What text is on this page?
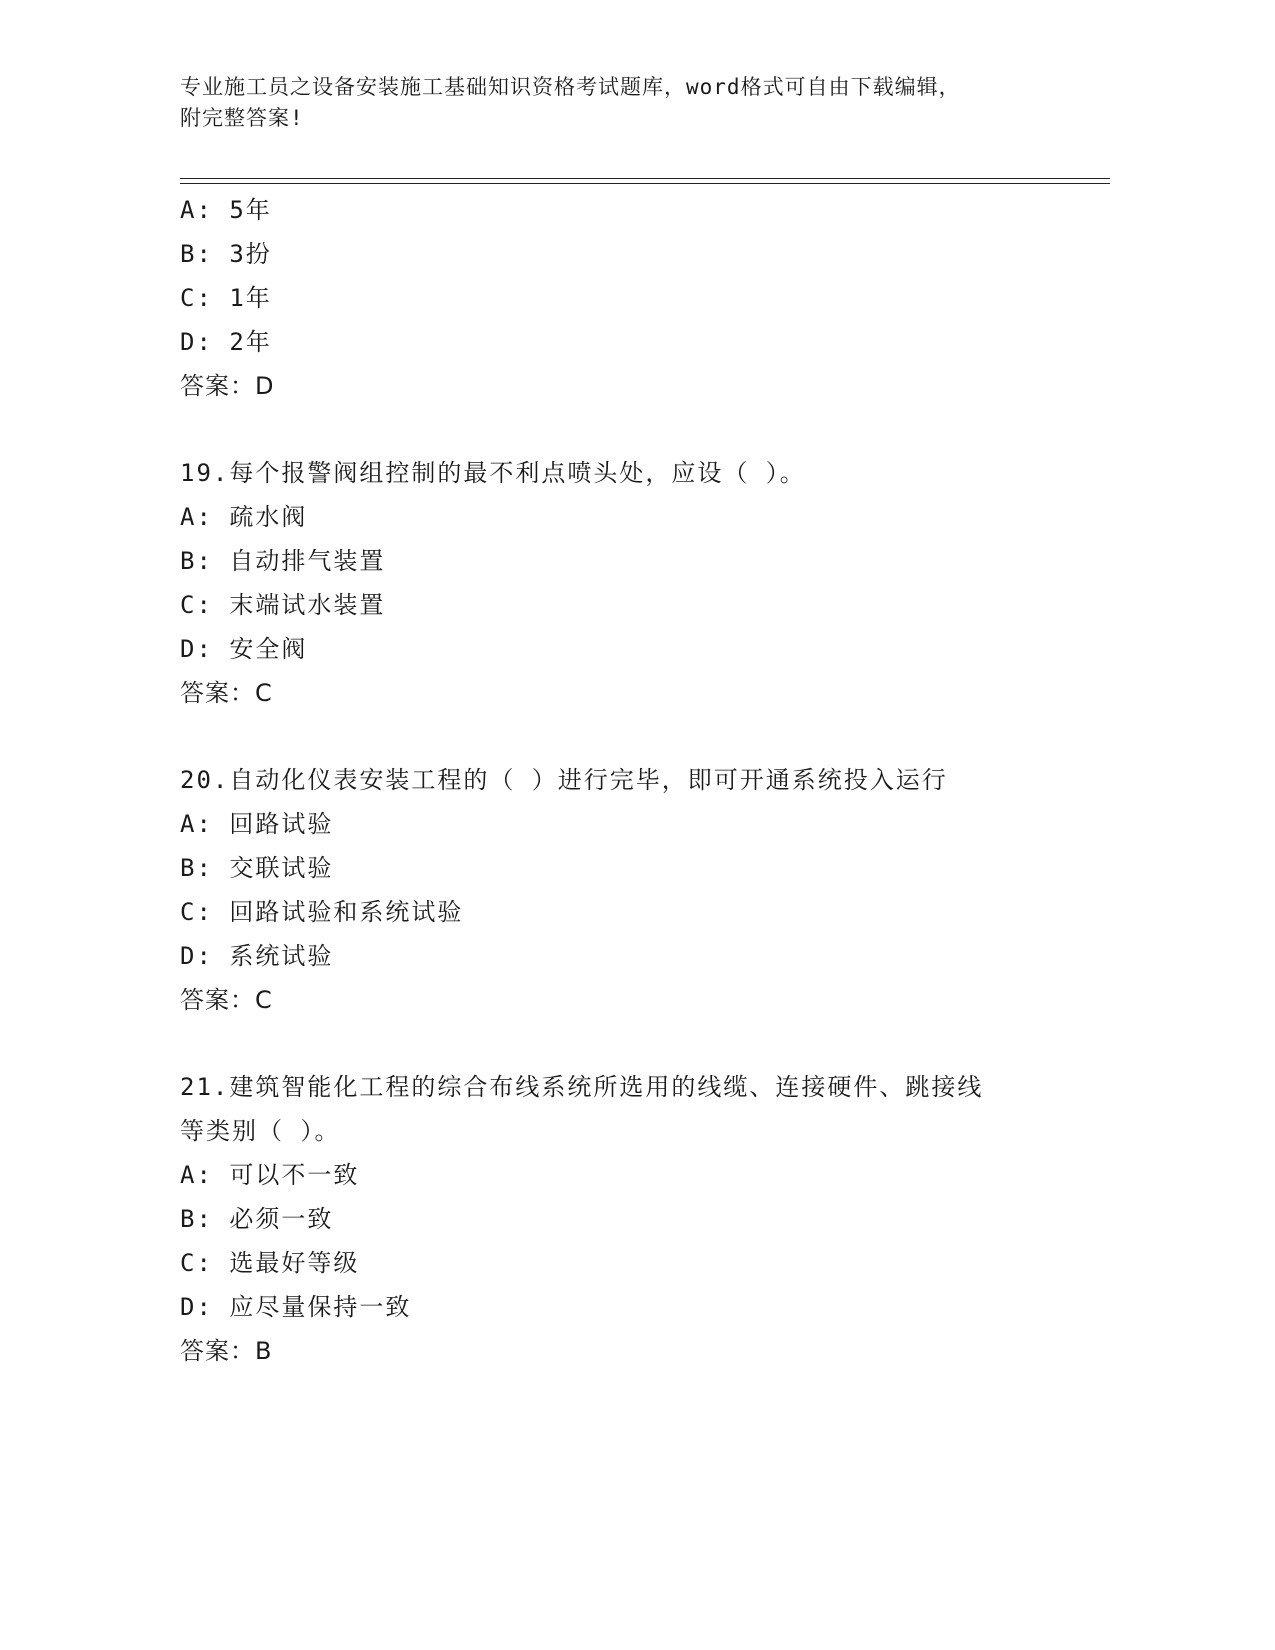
专业施工员之设备安装施工基础知识资格考试题库，word格式可自由下载编辑，
附完整答案!
A: 5年
B: 3扮
C: 1年
D: 2年
答案：D
19.每个报警阀组控制的最不利点喷头处，应设（ ）。
A: 疏水阀
B: 自动排气装置
C: 末端试水装置
D: 安全阀
答案：C
20.自动化仪表安装工程的（ ）进行完毕，即可开通系统投入运行
A: 回路试验
B: 交联试验
C: 回路试验和系统试验
D: 系统试验
答案：C
21.建筑智能化工程的综合布线系统所选用的线缆、连接硬件、跳接线
等类别（ ）。
A: 可以不一致
B: 必须一致
C: 选最好等级
D: 应尽量保持一致
答案：B
